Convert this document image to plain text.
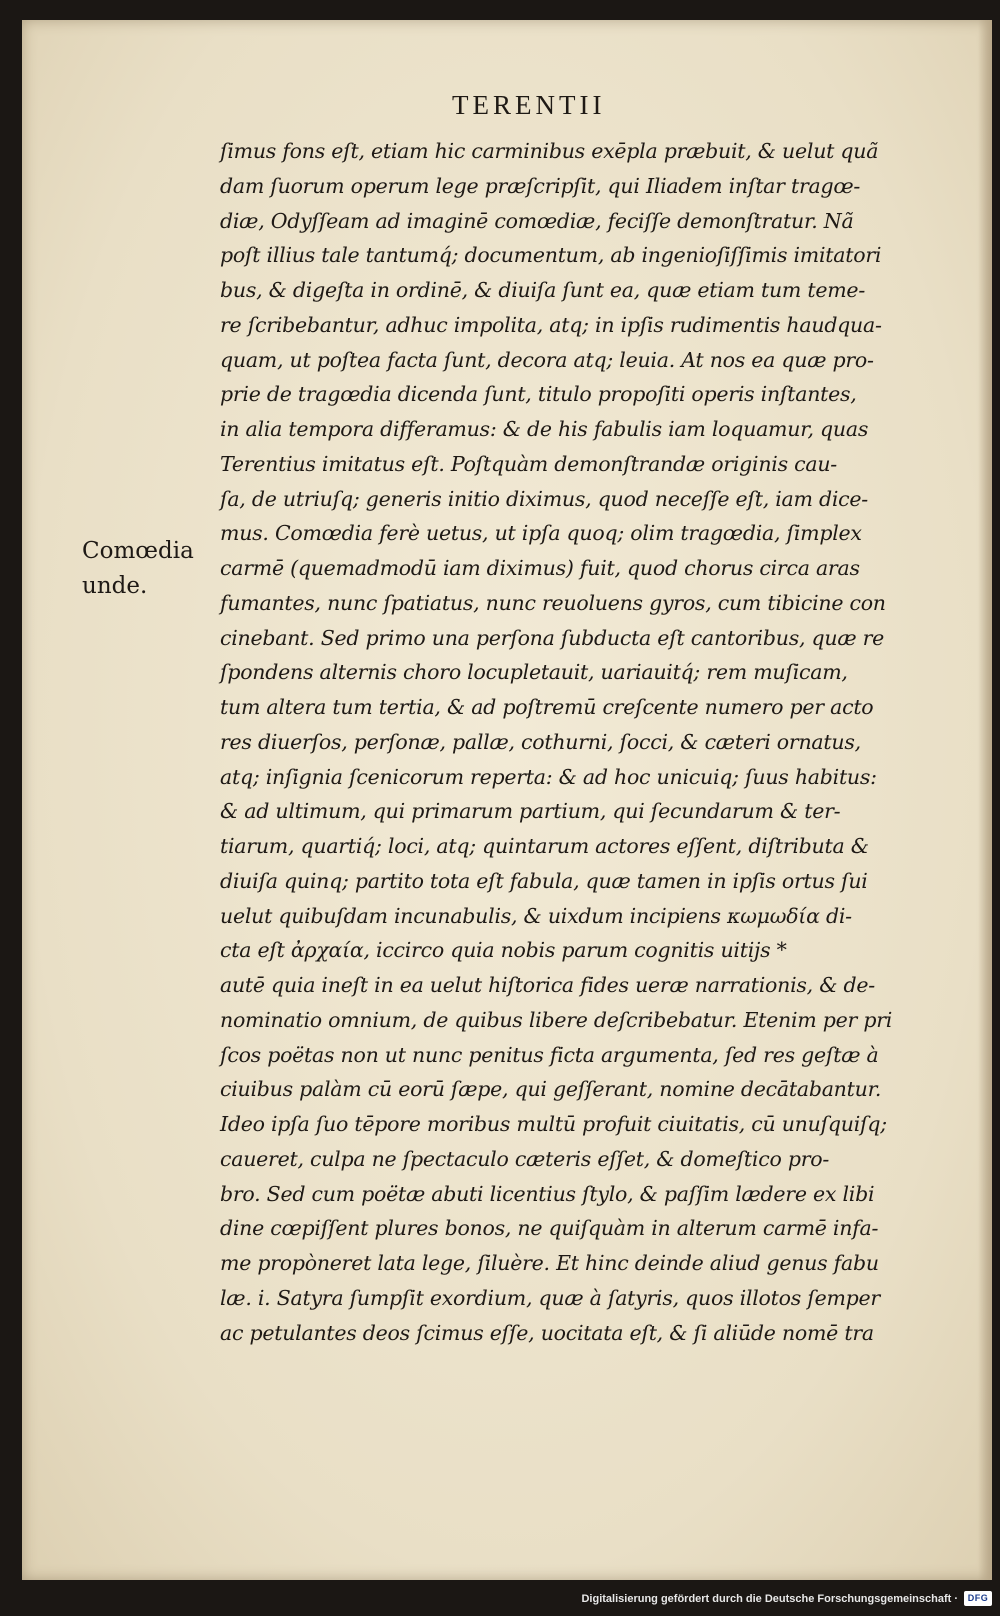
TERENTII
Comœdia
unde.
ſimus fons eſt, etiam hic carminibus exēpla præbuit, & uelut quã
dam ſuorum operum lege præſcripſit, qui Iliadem inſtar tragœ-
diæ, Odyſſeam ad imaginē comœdiæ, feciſſe demonſtratur. Nã
poſt illius tale tantumq́; documentum, ab ingenioſiſſimis imitatori
bus, & digeſta in ordinē, & diuiſa ſunt ea, quæ etiam tum teme-
re ſcribebantur, adhuc impolita, atq; in ipſis rudimentis haudqua-
quam, ut poſtea facta ſunt, decora atq; leuia. At nos ea quæ pro-
prie de tragœdia dicenda ſunt, titulo propoſiti operis inſtantes,
in alia tempora differamus: & de his fabulis iam loquamur, quas
Terentius imitatus eſt. Poſtquàm demonſtrandæ originis cau-
ſa, de utriuſq; generis initio diximus, quod neceſſe eſt, iam dice-
mus. Comœdia ferè uetus, ut ipſa quoq; olim tragœdia, ſimplex
carmē (quemadmodū iam diximus) fuit, quod chorus circa aras
fumantes, nunc ſpatiatus, nunc reuoluens gyros, cum tibicine con
cinebant. Sed primo una perſona ſubducta eſt cantoribus, quæ re
ſpondens alternis choro locupletauit, uariauitq́; rem muſicam,
tum altera tum tertia, & ad poſtremū creſcente numero per acto
res diuerſos, perſonæ, pallæ, cothurni, ſocci, & cæteri ornatus,
atq; inſignia ſcenicorum reperta: & ad hoc unicuiq; ſuus habitus:
& ad ultimum, qui primarum partium, qui ſecundarum & ter-
tiarum, quartiq́; loci, atq; quintarum actores eſſent, diſtributa &
diuiſa quinq; partito tota eſt fabula, quæ tamen in ipſis ortus ſui
uelut quibuſdam incunabulis, & uixdum incipiens κωμωδία di-
cta eſt ἀρχαία, iccirco quia nobis parum cognitis uitijs *
autē quia ineſt in ea uelut hiſtorica fides ueræ narrationis, & de-
nominatio omnium, de quibus libere deſcribebatur. Etenim per pri
ſcos poëtas non ut nunc penitus ficta argumenta, ſed res geſtæ à
ciuibus palàm cū eorū ſæpe, qui geſſerant, nomine decātabantur.
Ideo ipſa ſuo tēpore moribus multū profuit ciuitatis, cū unuſquiſq;
caueret, culpa ne ſpectaculo cæteris eſſet, & domeſtico pro-
bro. Sed cum poëtæ abuti licentius ſtylo, & paſſim lædere ex libi
dine cœpiſſent plures bonos, ne quiſquàm in alterum carmē infa-
me propòneret lata lege, ſiluère. Et hinc deinde aliud genus fabu
læ. i. Satyra ſumpſit exordium, quæ à ſatyris, quos illotos ſemper
ac petulantes deos ſcimus eſſe, uocitata eſt, & ſi aliūde nomē tra
Digitalisierung gefördert durch die Deutsche Forschungsgemeinschaft ·	DFG
